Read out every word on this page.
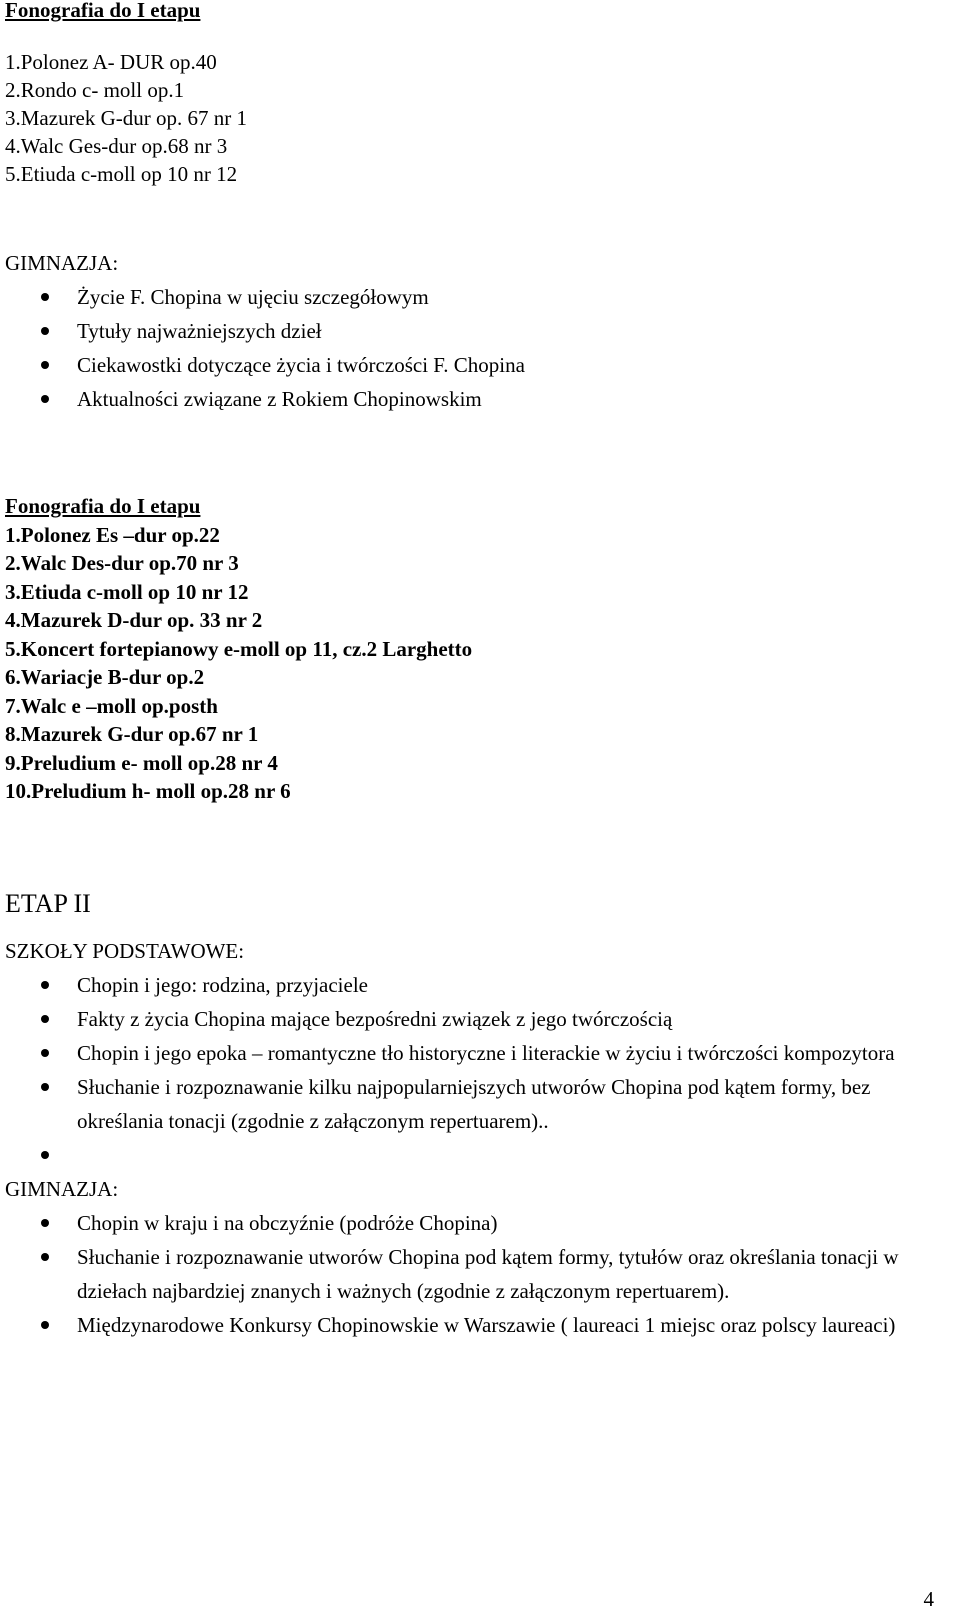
Fonografia do I etapu
1.Polonez A- DUR op.40
2.Rondo c- moll op.1
3.Mazurek G-dur op. 67 nr 1
4.Walc Ges-dur op.68 nr 3
5.Etiuda c-moll op 10 nr 12
GIMNAZJA:
Życie F. Chopina w ujęciu szczegółowym
Tytuły najważniejszych dzieł
Ciekawostki dotyczące życia i twórczości F. Chopina
Aktualności związane z Rokiem Chopinowskim
Fonografia do I etapu
1.Polonez Es –dur op.22
2.Walc Des-dur op.70 nr 3
3.Etiuda c-moll op 10 nr 12
4.Mazurek D-dur op. 33 nr 2
5.Koncert fortepianowy e-moll op 11, cz.2 Larghetto
6.Wariacje B-dur op.2
7.Walc e –moll op.posth
8.Mazurek G-dur op.67 nr 1
9.Preludium e- moll op.28 nr 4
10.Preludium h- moll op.28 nr 6
ETAP II
SZKOŁY PODSTAWOWE:
Chopin i jego: rodzina, przyjaciele
Fakty z życia Chopina mające bezpośredni związek z jego twórczością
Chopin i jego epoka – romantyczne tło historyczne i literackie w życiu i twórczości kompozytora
Słuchanie i rozpoznawanie kilku najpopularniejszych utworów Chopina pod kątem formy, bez określania tonacji (zgodnie z załączonym repertuarem)..
GIMNAZJA:
Chopin w kraju i na obczyźnie (podróże Chopina)
Słuchanie i rozpoznawanie utworów Chopina pod kątem formy, tytułów oraz określania tonacji w dziełach najbardziej znanych i ważnych (zgodnie z załączonym repertuarem).
Międzynarodowe Konkursy Chopinowskie w Warszawie ( laureaci 1 miejsc oraz polscy laureaci)
4
